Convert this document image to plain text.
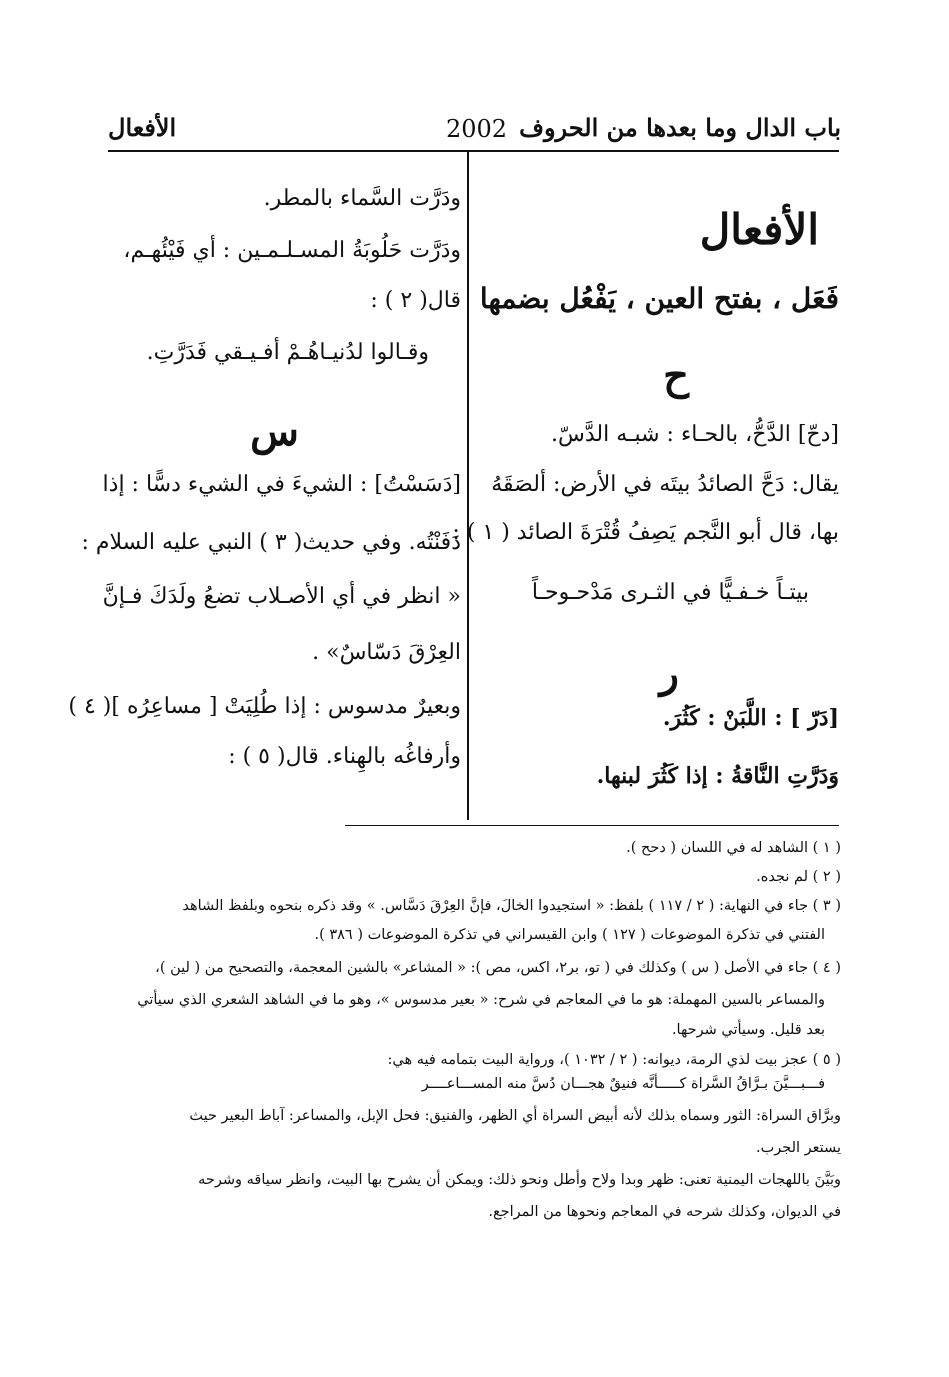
باب الدال وما بعدها من الحروف
2002
الأفعال
الأفعال
فَعَل ، بفتح العين ، يَفْعُل بضمها
ح
[دحّ] الدَّحُّ، بالحـاء : شبـه الدَّسّ.
يقال: دَحَّ الصائدُ بيتَه في الأرض: ألصَقَهُ
بها، قال أبو النَّجم يَصِفُ قُتْرَةَ الصائد ( ١ ) :
بيتـاً خـفـيًّا في الثـرى مَدْحـوحـاً
ر
[دَرّ ] : اللَّبَنْ : كَثُرَ.
وَدَرَّتِ النَّاقةُ : إذا كَثُرَ لبنها.
ودَرَّت السَّماء بالمطر.
ودَرَّت حَلُوبَةُ المسـلـمـين : أي فَيْئُهـم،
قال( ٢ ) :
وقـالوا لدُنيـاهُـمْ أفـيـقي فَدَرَّتِ.
س
[دَسَسْتُ] : الشيءَ في الشيء دسًّا : إذا
دَفَنْتُه. وفي حديث( ٣ ) النبي عليه السلام :
« انظر في أي الأصـلاب تضعُ ولَدَكَ فـإنَّ
العِرْقَ دَسّاسٌ» .
وبعيرٌ مدسوس : إذا طُلِيَتْ [ مساعِرُه ]( ٤ )
وأرفاغُه بالهِناء. قال( ٥ ) :
( ١ ) الشاهد له في اللسان ( دحح ).
( ٢ ) لم نجده.
( ٣ ) جاء في النهاية: ( ٢ / ١١٧ ) بلفظ: « استجيدوا الخالَ، فإنَّ العِرْقَ دَسَّاس. » وقد ذكره بنحوه وبلفظ الشاهد
الفتني في تذكرة الموضوعات ( ١٢٧ ) وابن القيسراني في تذكرة الموضوعات ( ٣٨٦ ).
( ٤ ) جاء في الأصل ( س ) وكذلك في ( تو، بر٢، اكس، مص ): « المشاعر» بالشين المعجمة، والتصحيح من ( لين )،
والمساعر بالسين المهملة: هو ما في المعاجم في شرح: « بعير مدسوس »، وهو ما في الشاهد الشعري الذي سيأتي
بعد قليل. وسيأتي شرحها.
( ٥ ) عجز بيت لذي الرمة، ديوانه: ( ٢ / ١٠٣٢ )، ورواية البيت بتمامه فيه هي:
فـــبـــيَّنَ بـرَّاقُ السَّراة كـــــأنَّه فنيقٌ هجـــان دُسَّ منه المســـاعــــر
وبرَّاق السراة: الثور وسماه بذلك لأنه أبيض السراة أي الظهر، والفنيق: فحل الإبل، والمساعر: آباط البعير حيث
يستعر الجرب.
وبَيَّنَ باللهجات اليمنية تعنى: ظهر وبدا ولاح وأطل ونحو ذلك: ويمكن أن يشرح بها البيت، وانظر سياقه وشرحه
في الديوان، وكذلك شرحه في المعاجم ونحوها من المراجع.
